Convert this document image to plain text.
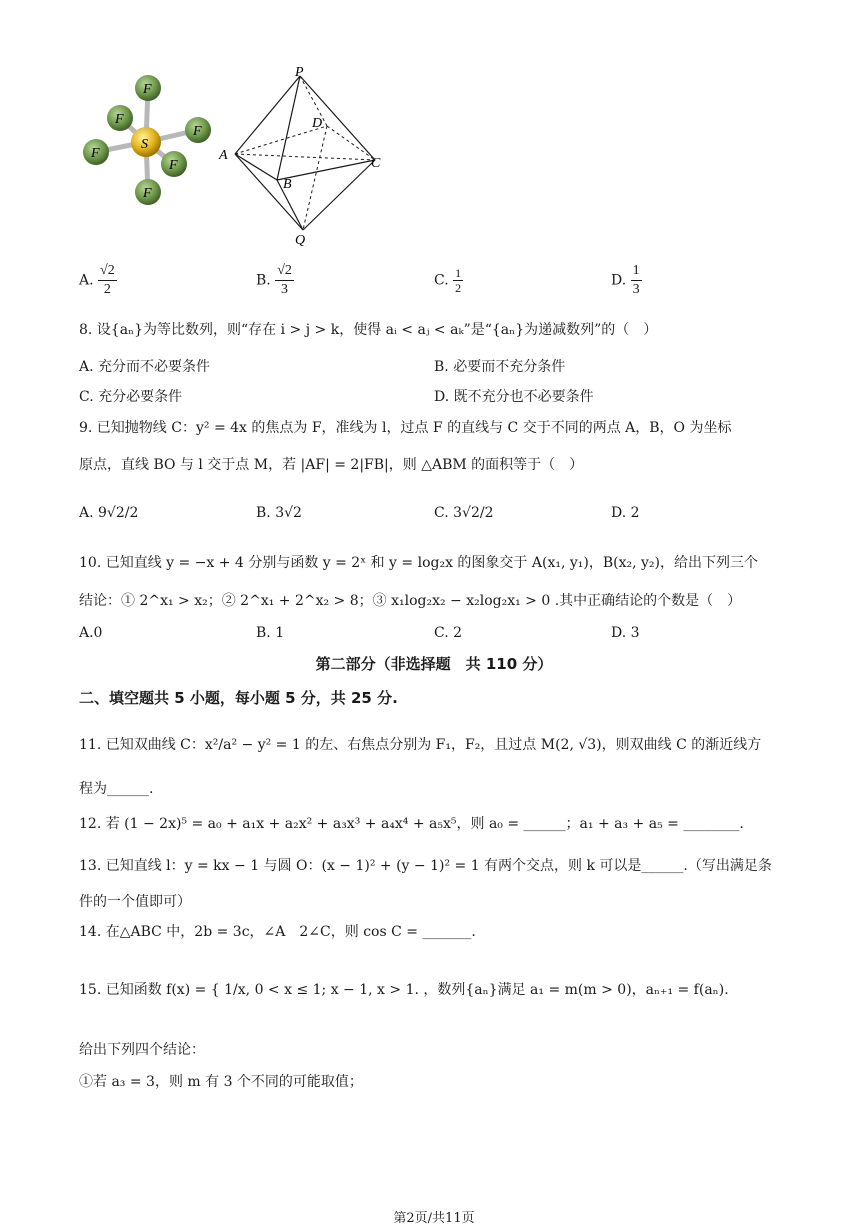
F
F
F
F
F
F
S
P
D
A
C
B
Q
A. $\frac{√2}{2}$	B. $\frac{√2}{3}$	C. $\frac{1}{2}$	D. $\frac{1}{3}$
8. 设{aₙ}为等比数列，则“存在 i > j > k，使得 aᵢ < aⱼ < aₖ”是“{aₙ}为递减数列”的（　）
A. 充分而不必要条件	B. 必要而不充分条件
C. 充分必要条件	D. 既不充分也不必要条件
9. 已知抛物线 C：y² = 4x 的焦点为 F，准线为 l，过点 F 的直线与 C 交于不同的两点 A，B，O 为坐标
原点，直线 BO 与 l 交于点 M，若 |AF| = 2|FB|，则 △ABM 的面积等于（　）
A. 9√2/2	B. 3√2	C. 3√2/2	D. 2
10. 已知直线 y = −x + 4 分别与函数 y = 2ˣ 和 y = log₂x 的图象交于 A(x₁, y₁)，B(x₂, y₂)，给出下列三个
结论：① 2^x₁ > x₂；② 2^x₁ + 2^x₂ > 8；③ x₁log₂x₂ − x₂log₂x₁ > 0 .其中正确结论的个数是（　）
A.0	B. 1	C. 2	D. 3
第二部分（非选择题　共 110 分）
二、填空题共 5 小题，每小题 5 分，共 25 分.
11. 已知双曲线 C：x²/a² − y² = 1 的左、右焦点分别为 F₁，F₂，且过点 M(2, √3)，则双曲线 C 的渐近线方
程为______.
12. 若 (1 − 2x)⁵ = a₀ + a₁x + a₂x² + a₃x³ + a₄x⁴ + a₅x⁵，则 a₀ = ______；a₁ + a₃ + a₅ = ________.
13. 已知直线 l：y = kx − 1 与圆 O：(x − 1)² + (y − 1)² = 1 有两个交点，则 k 可以是______.（写出满足条
件的一个值即可）
14. 在△ABC 中，2b = 3c，∠A　2∠C，则 cos C = _______.
15. 已知函数 f(x) = { 1/x, 0 < x ≤ 1; x − 1, x > 1. ，数列{aₙ}满足 a₁ = m(m > 0)，aₙ₊₁ = f(aₙ).
给出下列四个结论：
①若 a₃ = 3，则 m 有 3 个不同的可能取值；
第2页/共11页
